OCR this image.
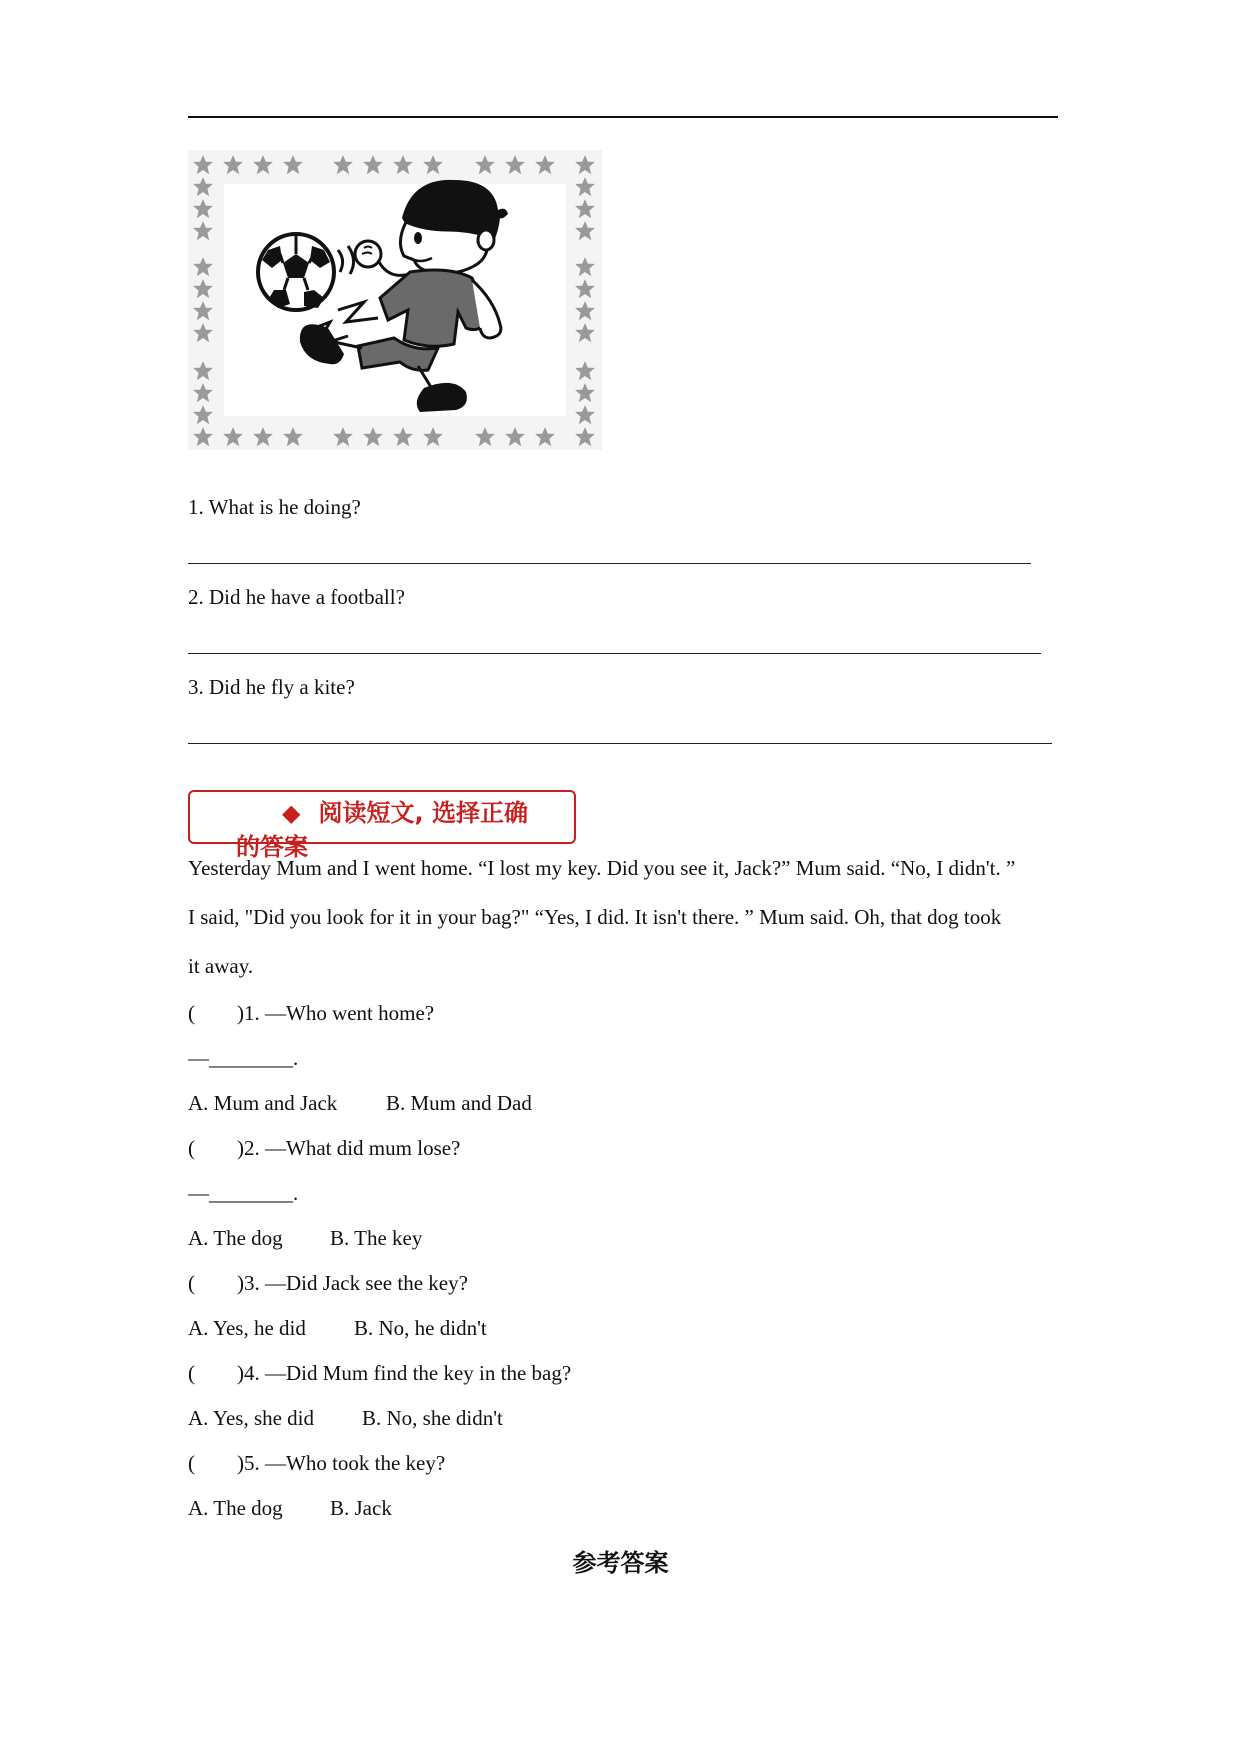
1. What is he doing?
2. Did he have a football?
3. Did he fly a kite?
◆ 阅读短文, 选择正确
的答案
Yesterday Mum and I went home. “I lost my key. Did you see it, Jack?” Mum said. “No, I didn't. ”
I said, "Did you look for it in your bag?" “Yes, I did. It isn't there. ” Mum said. Oh, that dog took
it away.
(        )1. —Who went home?
—________.
A. Mum and Jack B. Mum and Dad
(        )2. —What did mum lose?
—________.
A. The dog B. The key
(        )3. —Did Jack see the key?
A. Yes, he did B. No, he didn't
(        )4. —Did Mum find the key in the bag?
A. Yes, she did B. No, she didn't
(        )5. —Who took the key?
A. The dog B. Jack
参考答案
